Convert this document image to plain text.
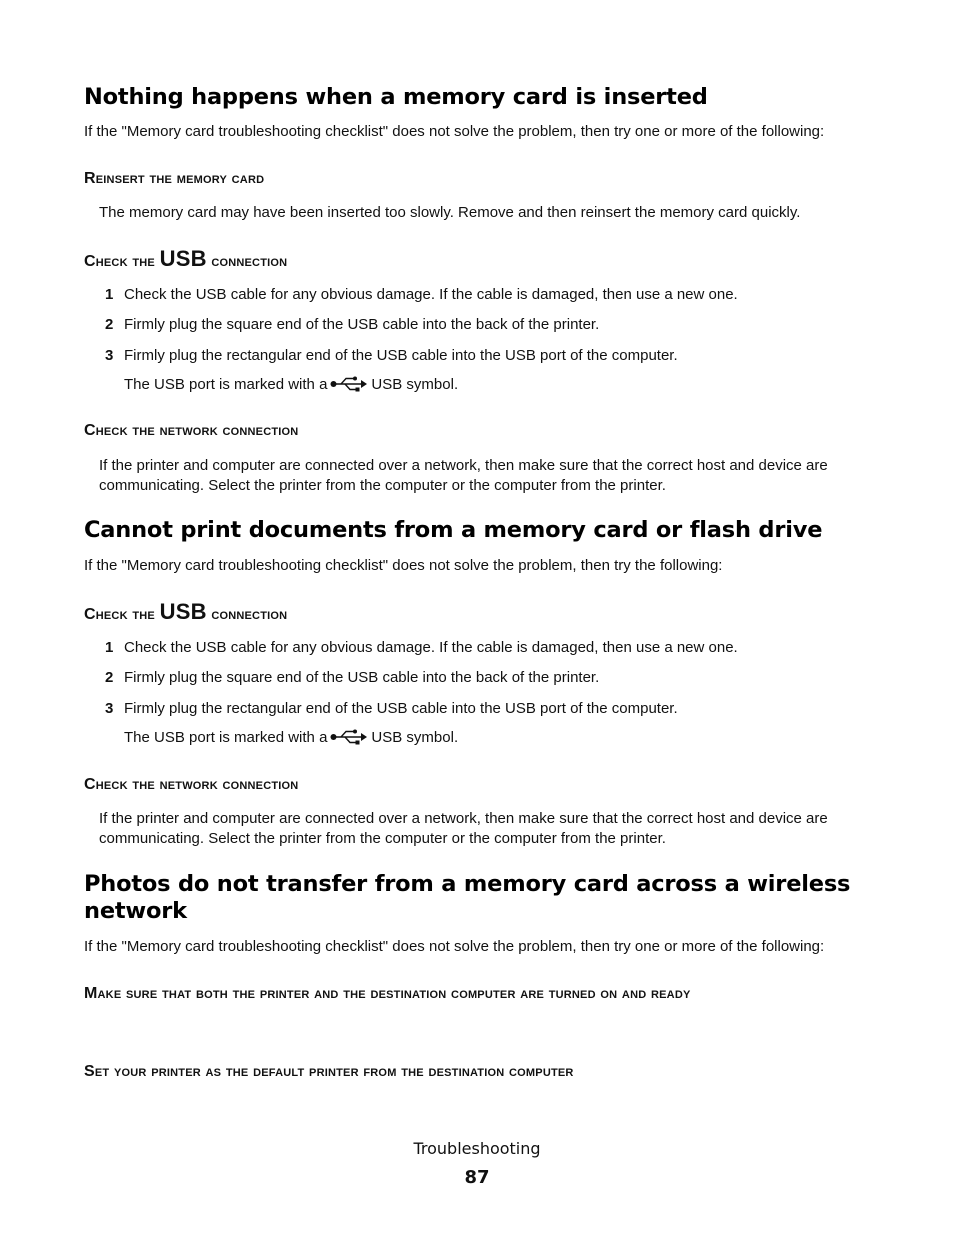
Nothing happens when a memory card is inserted

If the "Memory card troubleshooting checklist" does not solve the problem, then try one or more of the following:

Reinsert the memory card

The memory card may have been inserted too slowly. Remove and then reinsert the memory card quickly.

Check the USB connection

1 Check the USB cable for any obvious damage. If the cable is damaged, then use a new one.
2 Firmly plug the square end of the USB cable into the back of the printer.
3 Firmly plug the rectangular end of the USB cable into the USB port of the computer.

The USB port is marked with a	USB symbol.

Check the network connection

If the printer and computer are connected over a network, then make sure that the correct host and device are communicating. Select the printer from the computer or the computer from the printer.

Cannot print documents from a memory card or flash drive

If the "Memory card troubleshooting checklist" does not solve the problem, then try the following:

Check the USB connection

1 Check the USB cable for any obvious damage. If the cable is damaged, then use a new one.
2 Firmly plug the square end of the USB cable into the back of the printer.
3 Firmly plug the rectangular end of the USB cable into the USB port of the computer.

The USB port is marked with a	USB symbol.

Check the network connection

If the printer and computer are connected over a network, then make sure that the correct host and device are communicating. Select the printer from the computer or the computer from the printer.

Photos do not transfer from a memory card across a wireless network

If the "Memory card troubleshooting checklist" does not solve the problem, then try one or more of the following:

Make sure that both the printer and the destination computer are turned on and ready

Set your printer as the default printer from the destination computer

Troubleshooting
87
